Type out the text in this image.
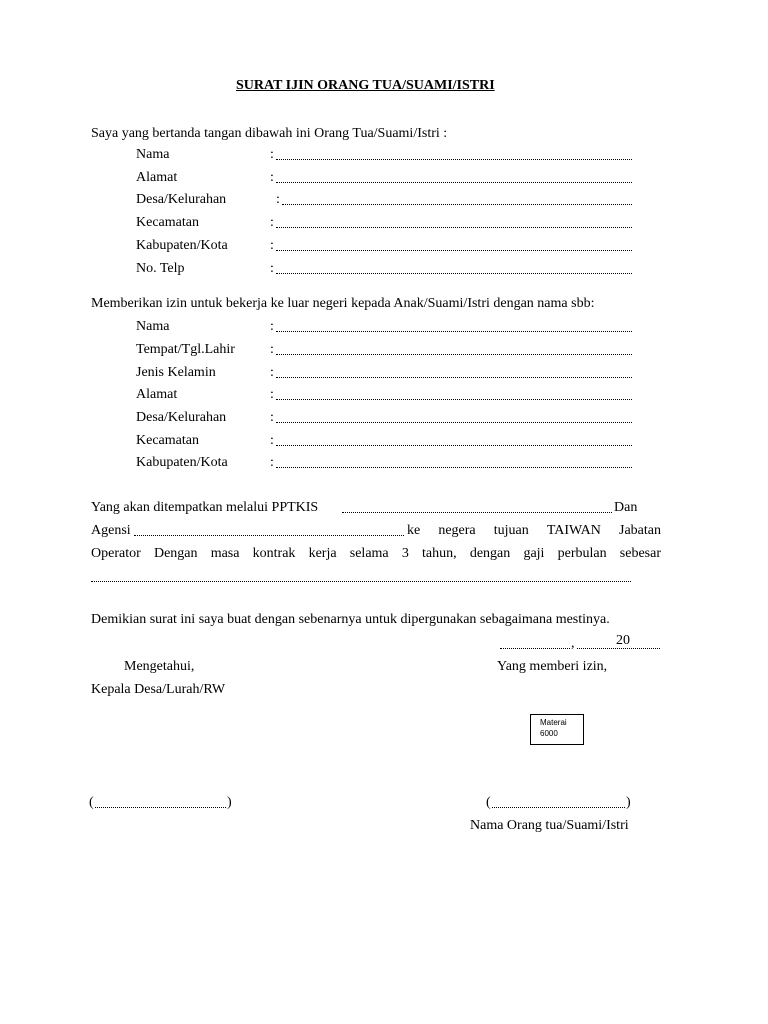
SURAT IJIN ORANG TUA/SUAMI/ISTRI
Saya yang bertanda tangan dibawah ini Orang Tua/Suami/Istri :
Nama	:
Alamat	:
Desa/Kelurahan	:
Kecamatan	:
Kabupaten/Kota	:
No. Telp	:
Memberikan izin untuk bekerja ke luar negeri kepada Anak/Suami/Istri dengan nama sbb:
Nama	:
Tempat/Tgl.Lahir	:
Jenis Kelamin	:
Alamat	:
Desa/Kelurahan	:
Kecamatan	:
Kabupaten/Kota	:
Yang akan ditempatkan melalui PPTKIS	Dan
Agensi	ke negera tujuan TAIWAN Jabatan
Operator Dengan masa kontrak kerja selama 3 tahun, dengan gaji perbulan sebesar
Demikian surat ini saya buat dengan sebenarnya untuk dipergunakan sebagaimana mestinya.
,	20
Mengetahui,	Yang memberi izin,
Kepala Desa/Lurah/RW
Materai
6000
(	)	(	)
Nama Orang tua/Suami/Istri
